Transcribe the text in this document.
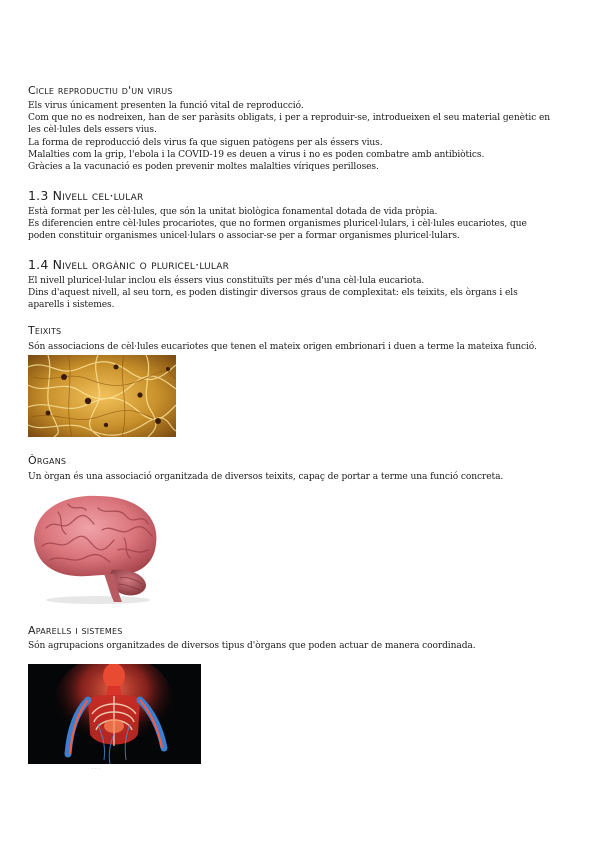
Cicle reproductiu d'un virus
Els virus únicament presenten la funció vital de reproducció.
Com que no es nodreixen, han de ser paràsits obligats, i per a reproduir-se, introdueixen el seu material genètic en les cèl·lules dels essers vius.
La forma de reproducció dels virus fa que siguen patògens per als éssers vius.
Malalties com la grip, l'ebola i la COVID-19 es deuen a virus i no es poden combatre amb antibiòtics.
Gràcies a la vacunació es poden prevenir moltes malalties víriques perilloses.
1.3 Nivell cel·lular
Està format per les cèl·lules, que són la unitat biològica fonamental dotada de vida pròpia.
Es diferencien entre cèl·lules procariotes, que no formen organismes pluricel·lulars, i cèl·lules eucariotes, que poden constituir organismes unicel·lulars o associar-se per a formar organismes pluricel·lulars.
1.4 Nivell orgànic o pluricel·lular
El nivell pluricel·lular inclou els éssers vius constituïts per més d'una cèl·lula eucariota.
Dins d'aquest nivell, al seu torn, es poden distingir diversos graus de complexitat: els teixits, els òrgans i els aparells i sistemes.
Teixits
Són associacions de cèl·lules eucariotes que tenen el mateix origen embrionari i duen a terme la mateixa funció.
Òrgans
Un òrgan és una associació organitzada de diversos teixits, capaç de portar a terme una funció concreta.
Aparells i sistemes
Són agrupacions organitzades de diversos tipus d'òrgans que poden actuar de manera coordinada.
· · ·
